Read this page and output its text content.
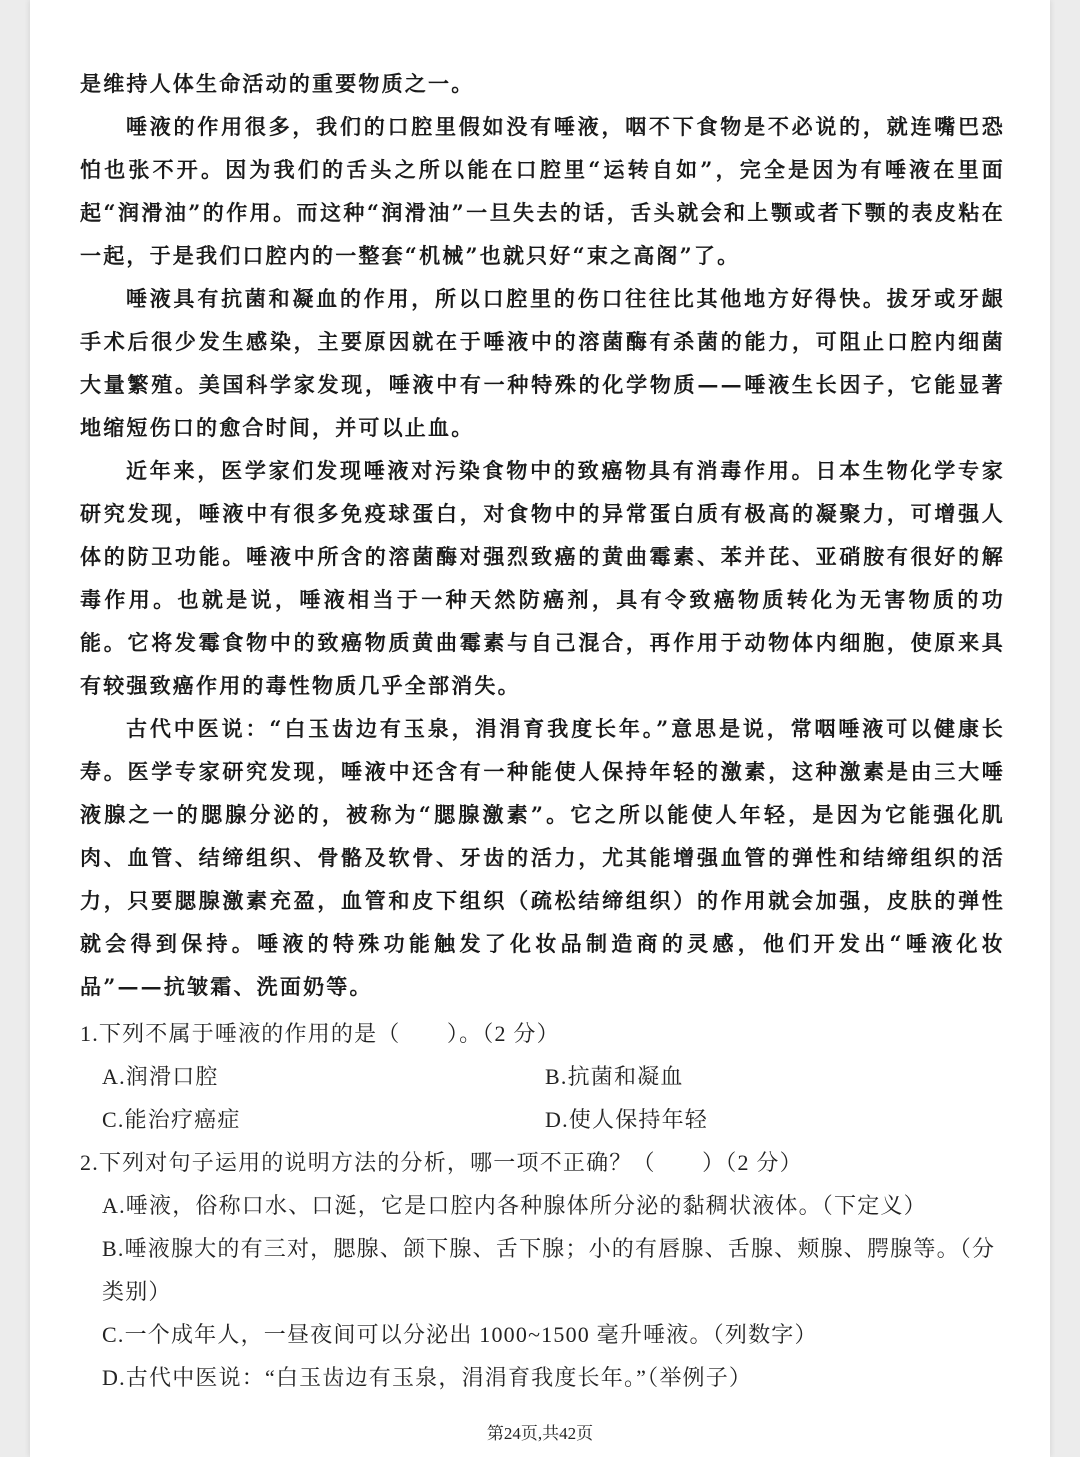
是维持人体生命活动的重要物质之一。

唾液的作用很多，我们的口腔里假如没有唾液，咽不下食物是不必说的，就连嘴巴恐怕也张不开。因为我们的舌头之所以能在口腔里“运转自如”，完全是因为有唾液在里面起“润滑油”的作用。而这种“润滑油”一旦失去的话，舌头就会和上颚或者下颚的表皮粘在一起，于是我们口腔内的一整套“机械”也就只好“束之高阁”了。

唾液具有抗菌和凝血的作用，所以口腔里的伤口往往比其他地方好得快。拔牙或牙龈手术后很少发生感染，主要原因就在于唾液中的溶菌酶有杀菌的能力，可阻止口腔内细菌大量繁殖。美国科学家发现，唾液中有一种特殊的化学物质——唾液生长因子，它能显著地缩短伤口的愈合时间，并可以止血。

近年来，医学家们发现唾液对污染食物中的致癌物具有消毒作用。日本生物化学专家研究发现，唾液中有很多免疫球蛋白，对食物中的异常蛋白质有极高的凝聚力，可增强人体的防卫功能。唾液中所含的溶菌酶对强烈致癌的黄曲霉素、苯并芘、亚硝胺有很好的解毒作用。也就是说，唾液相当于一种天然防癌剂，具有令致癌物质转化为无害物质的功能。它将发霉食物中的致癌物质黄曲霉素与自己混合，再作用于动物体内细胞，使原来具有较强致癌作用的毒性物质几乎全部消失。

古代中医说：“白玉齿边有玉泉，涓涓育我度长年。”意思是说，常咽唾液可以健康长寿。医学专家研究发现，唾液中还含有一种能使人保持年轻的激素，这种激素是由三大唾液腺之一的腮腺分泌的，被称为“腮腺激素”。它之所以能使人年轻，是因为它能强化肌肉、血管、结缔组织、骨骼及软骨、牙齿的活力，尤其能增强血管的弹性和结缔组织的活力，只要腮腺激素充盈，血管和皮下组织（疏松结缔组织）的作用就会加强，皮肤的弹性就会得到保持。唾液的特殊功能触发了化妆品制造商的灵感，他们开发出“唾液化妆品”——抗皱霜、洗面奶等。

1.下列不属于唾液的作用的是（　　）。（2 分）

A.润滑口腔	B.抗菌和凝血

C.能治疗癌症	D.使人保持年轻

2.下列对句子运用的说明方法的分析，哪一项不正确？（　　）（2 分）

A.唾液，俗称口水、口涎，它是口腔内各种腺体所分泌的黏稠状液体。（下定义）

B.唾液腺大的有三对，腮腺、颌下腺、舌下腺；小的有唇腺、舌腺、颊腺、腭腺等。（分类别）

C.一个成年人，一昼夜间可以分泌出 1000~1500 毫升唾液。（列数字）

D.古代中医说：“白玉齿边有玉泉，涓涓育我度长年。”（举例子）

第24页,共42页
